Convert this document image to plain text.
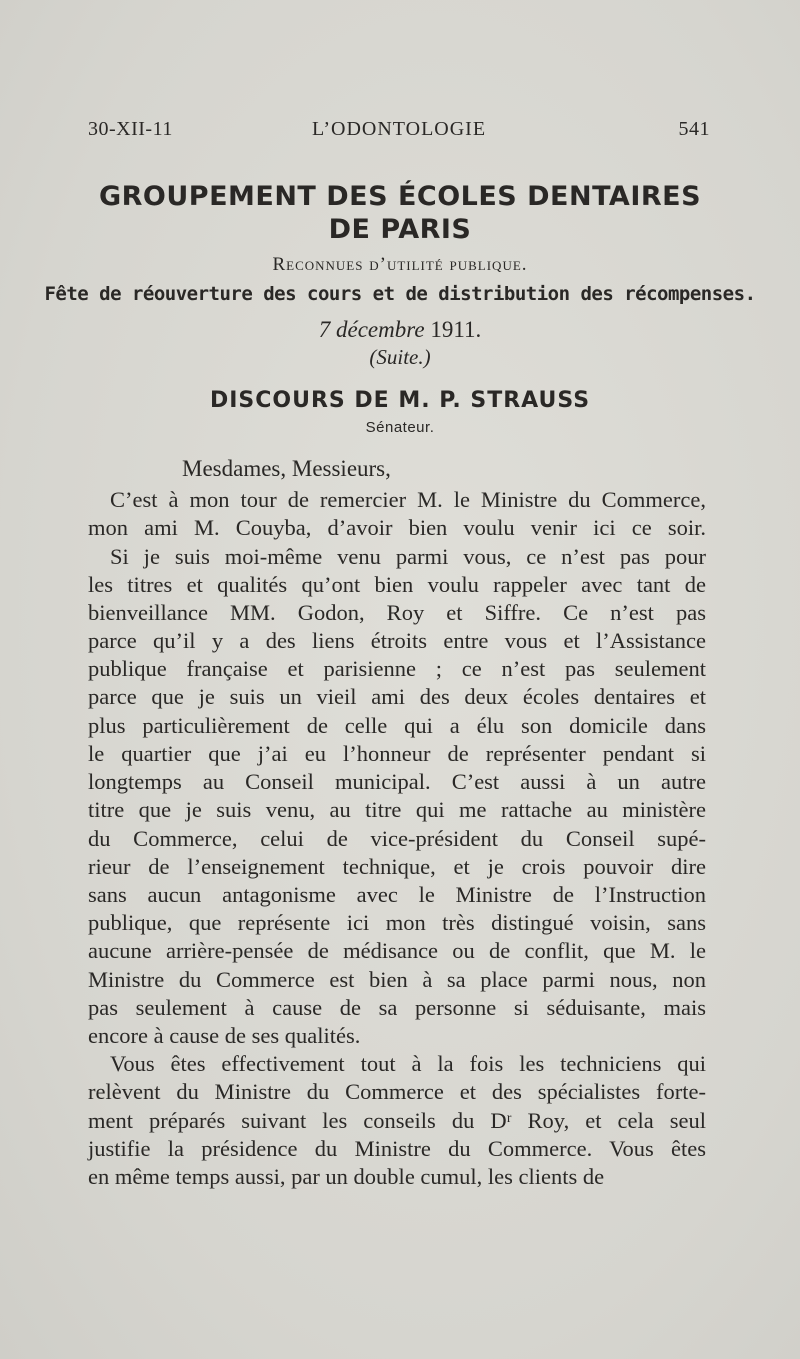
30-XII-11	L’ODONTOLOGIE	541
GROUPEMENT DES ÉCOLES DENTAIRES
DE PARIS
Reconnues d’utilité publique.
Fête de réouverture des cours et de distribution des récompenses.
7 décembre 1911.
(Suite.)
DISCOURS DE M. P. STRAUSS
Sénateur.
Mesdames, Messieurs,
C’est à mon tour de remercier M. le Ministre du Commerce,
mon ami M. Couyba, d’avoir bien voulu venir ici ce soir.
Si je suis moi-même venu parmi vous, ce n’est pas pour
les titres et qualités qu’ont bien voulu rappeler avec tant de
bienveillance MM. Godon, Roy et Siffre. Ce n’est pas
parce qu’il y a des liens étroits entre vous et l’Assistance
publique française et parisienne ; ce n’est pas seulement
parce que je suis un vieil ami des deux écoles dentaires et
plus particulièrement de celle qui a élu son domicile dans
le quartier que j’ai eu l’honneur de représenter pendant si
longtemps au Conseil municipal. C’est aussi à un autre
titre que je suis venu, au titre qui me rattache au ministère
du Commerce, celui de vice-président du Conseil supé-
rieur de l’enseignement technique, et je crois pouvoir dire
sans aucun antagonisme avec le Ministre de l’Instruction
publique, que représente ici mon très distingué voisin, sans
aucune arrière-pensée de médisance ou de conflit, que M. le
Ministre du Commerce est bien à sa place parmi nous, non
pas seulement à cause de sa personne si séduisante, mais
encore à cause de ses qualités.
Vous êtes effectivement tout à la fois les techniciens qui
relèvent du Ministre du Commerce et des spécialistes forte-
ment préparés suivant les conseils du Dʳ Roy, et cela seul
justifie la présidence du Ministre du Commerce. Vous êtes
en même temps aussi, par un double cumul, les clients de
